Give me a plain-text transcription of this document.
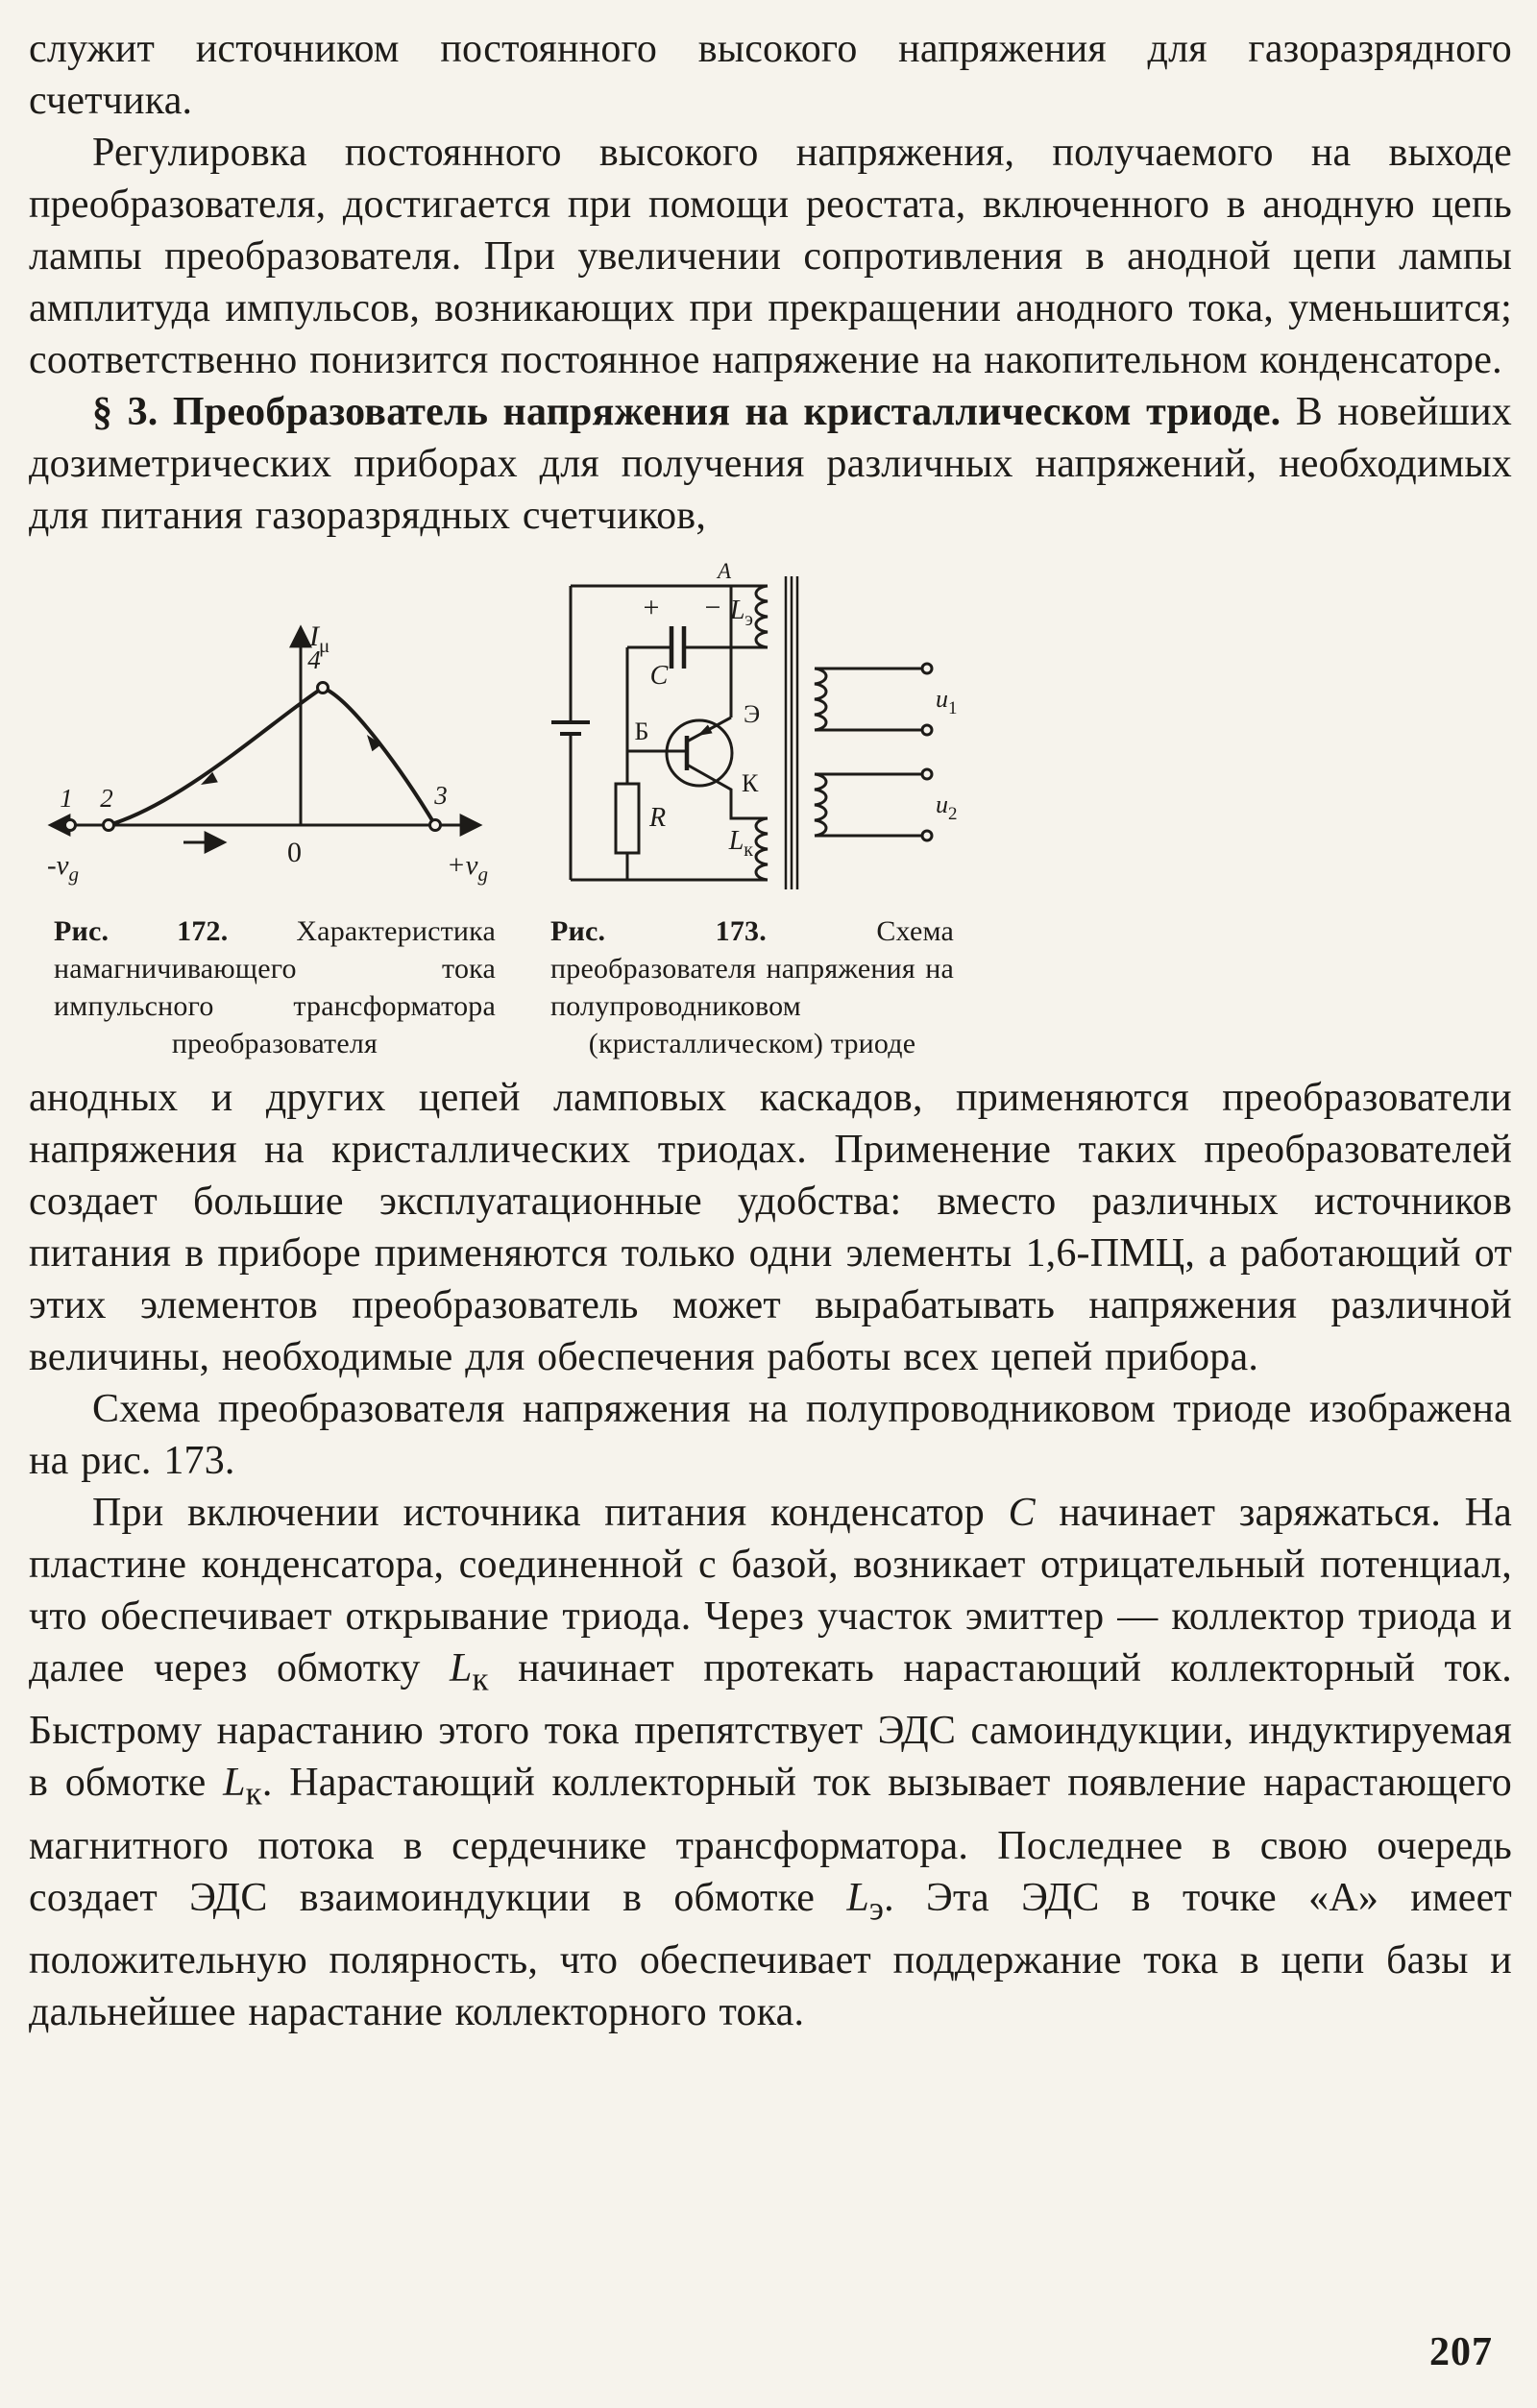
служит источником постоянного высокого напряжения для газоразрядного счетчика.

Регулировка постоянного высокого напряжения, получаемого на выходе преобразователя, достигается при помощи реостата, включенного в анодную цепь лампы преобразователя. При увеличении сопротивления в анодной цепи лампы амплитуда импульсов, возникающих при прекращении анодного тока, уменьшится; соответственно понизится постоянное напряжение на накопительном конденсаторе.

§ 3. Преобразователь напряжения на кристаллическом триоде. В новейших дозиметрических приборах для получения различных напряжений, необходимых для питания газоразрядных счетчиков,

$I_\mu$
1 2
4
3
0
$-v_g$	$+v_g$
Рис. 172. Характеристика намагничивающего тока импульсного трансформатора преобразователя
А
+ −
C
Б
Э
К
R
$L_э$
$L_к$
$u_1$
$u_2$
Рис. 173.	Схема преобразователя напряжения на полупроводниковом (кристаллическом) триоде

анодных и других цепей ламповых каскадов, применяются преобразователи напряжения на кристаллических триодах. Применение таких преобразователей создает большие эксплуатационные удобства: вместо различных источников питания в приборе применяются только одни элементы 1,6-ПМЦ, а работающий от этих элементов преобразователь может вырабатывать напряжения различной величины, необходимые для обеспечения работы всех цепей прибора.

Схема преобразователя напряжения на полупроводниковом триоде изображена на рис. 173.

При включении источника питания конденсатор C начинает заряжаться. На пластине конденсатора, соединенной с базой, возникает отрицательный потенциал, что обеспечивает открывание триода. Через участок эмиттер — коллектор триода и далее через обмотку $L_к$ начинает протекать нарастающий коллекторный ток. Быстрому нарастанию этого тока препятствует ЭДС самоиндукции, индуктируемая в обмотке $L_к$. Нарастающий коллекторный ток вызывает появление нарастающего магнитного потока в сердечнике трансформатора. Последнее в свою очередь создает ЭДС взаимоиндукции в обмотке $L_э$. Эта ЭДС в точке «А» имеет положительную полярность, что обеспечивает поддержание тока в цепи базы и дальнейшее нарастание коллекторного тока.

207
